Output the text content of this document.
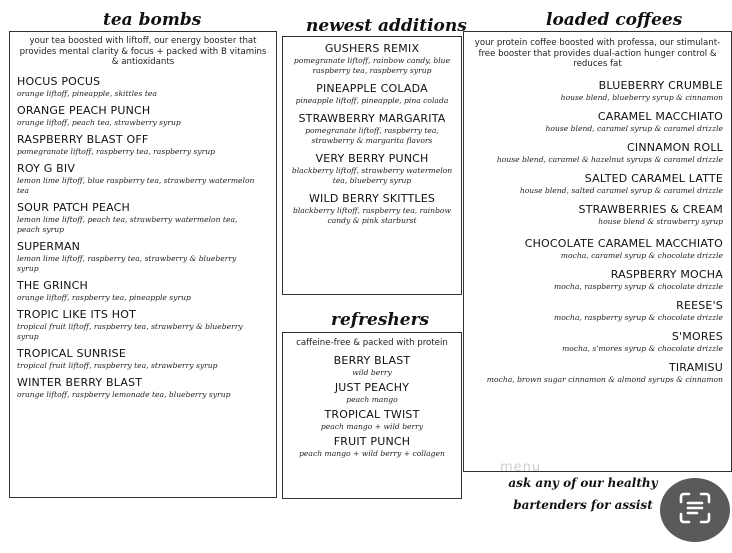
tea bombs	newest additions
refreshers
loaded coffees
your tea boosted with liftoff, our energy booster that provides mental clarity & focus + packed with B vitamins & antioxidants
HOCUS POCUS
orange liftoff, pineapple, skittles tea
ORANGE PEACH PUNCH
orange liftoff, peach tea, strawberry syrup
RASPBERRY BLAST OFF
pomegranate liftoff, raspberry tea, raspberry syrup
ROY G BIV
lemon lime liftoff, blue raspberry tea, strawberry watermelon tea
SOUR PATCH PEACH
lemon lime liftoff, peach tea, strawberry watermelon tea, peach syrup
SUPERMAN
lemon lime liftoff, raspberry tea, strawberry & blueberry syrup
THE GRINCH
orange liftoff, raspberry tea, pineapple syrup
TROPIC LIKE ITS HOT
tropical fruit liftoff, raspberry tea, strawberry & blueberry syrup
TROPICAL SUNRISE
tropical fruit liftoff, raspberry tea, strawberry syrup
WINTER BERRY BLAST
orange liftoff, raspberry lemonade tea, blueberry syrup
GUSHERS REMIX
pomegranate liftoff, rainbow candy, blue raspberry tea, raspberry syrup
PINEAPPLE COLADA
pineapple liftoff, pineapple, pina colada
STRAWBERRY MARGARITA
pomegranate liftoff, raspberry tea, strawberry & margarita flavors
VERY BERRY PUNCH
blackberry liftoff, strawberry watermelon tea, blueberry syrup
WILD BERRY SKITTLES
blackberry liftoff, raspberry tea, rainbow candy & pink starburst
caffeine-free & packed with protein
BERRY BLAST
wild berry
JUST PEACHY
peach mango
TROPICAL TWIST
peach mango + wild berry
FRUIT PUNCH
peach mango + wild berry + collagen
your protein coffee boosted with professa, our stimulant-free booster that provides dual-action hunger control & reduces fat
BLUEBERRY CRUMBLE
house blend, blueberry syrup & cinnamon
CARAMEL MACCHIATO
house blend, caramel syrup & caramel drizzle
CINNAMON ROLL
house blend, caramel & hazelnut syrups & caramel drizzle
SALTED CARAMEL LATTE
house blend, salted caramel syrup & caramel drizzle
STRAWBERRIES & CREAM
house blend & strawberry syrup
CHOCOLATE CARAMEL MACCHIATO
mocha, caramel syrup & chocolate drizzle
RASPBERRY MOCHA
mocha, raspberry syrup & chocolate drizzle
REESE'S
mocha, raspberry syrup & chocolate drizzle
S'MORES
mocha, s'mores syrup & chocolate drizzle
TIRAMISU
mocha, brown sugar cinnamon & almond syrups & cinnamon
menu
ask any of our healthy
bartenders for assist
